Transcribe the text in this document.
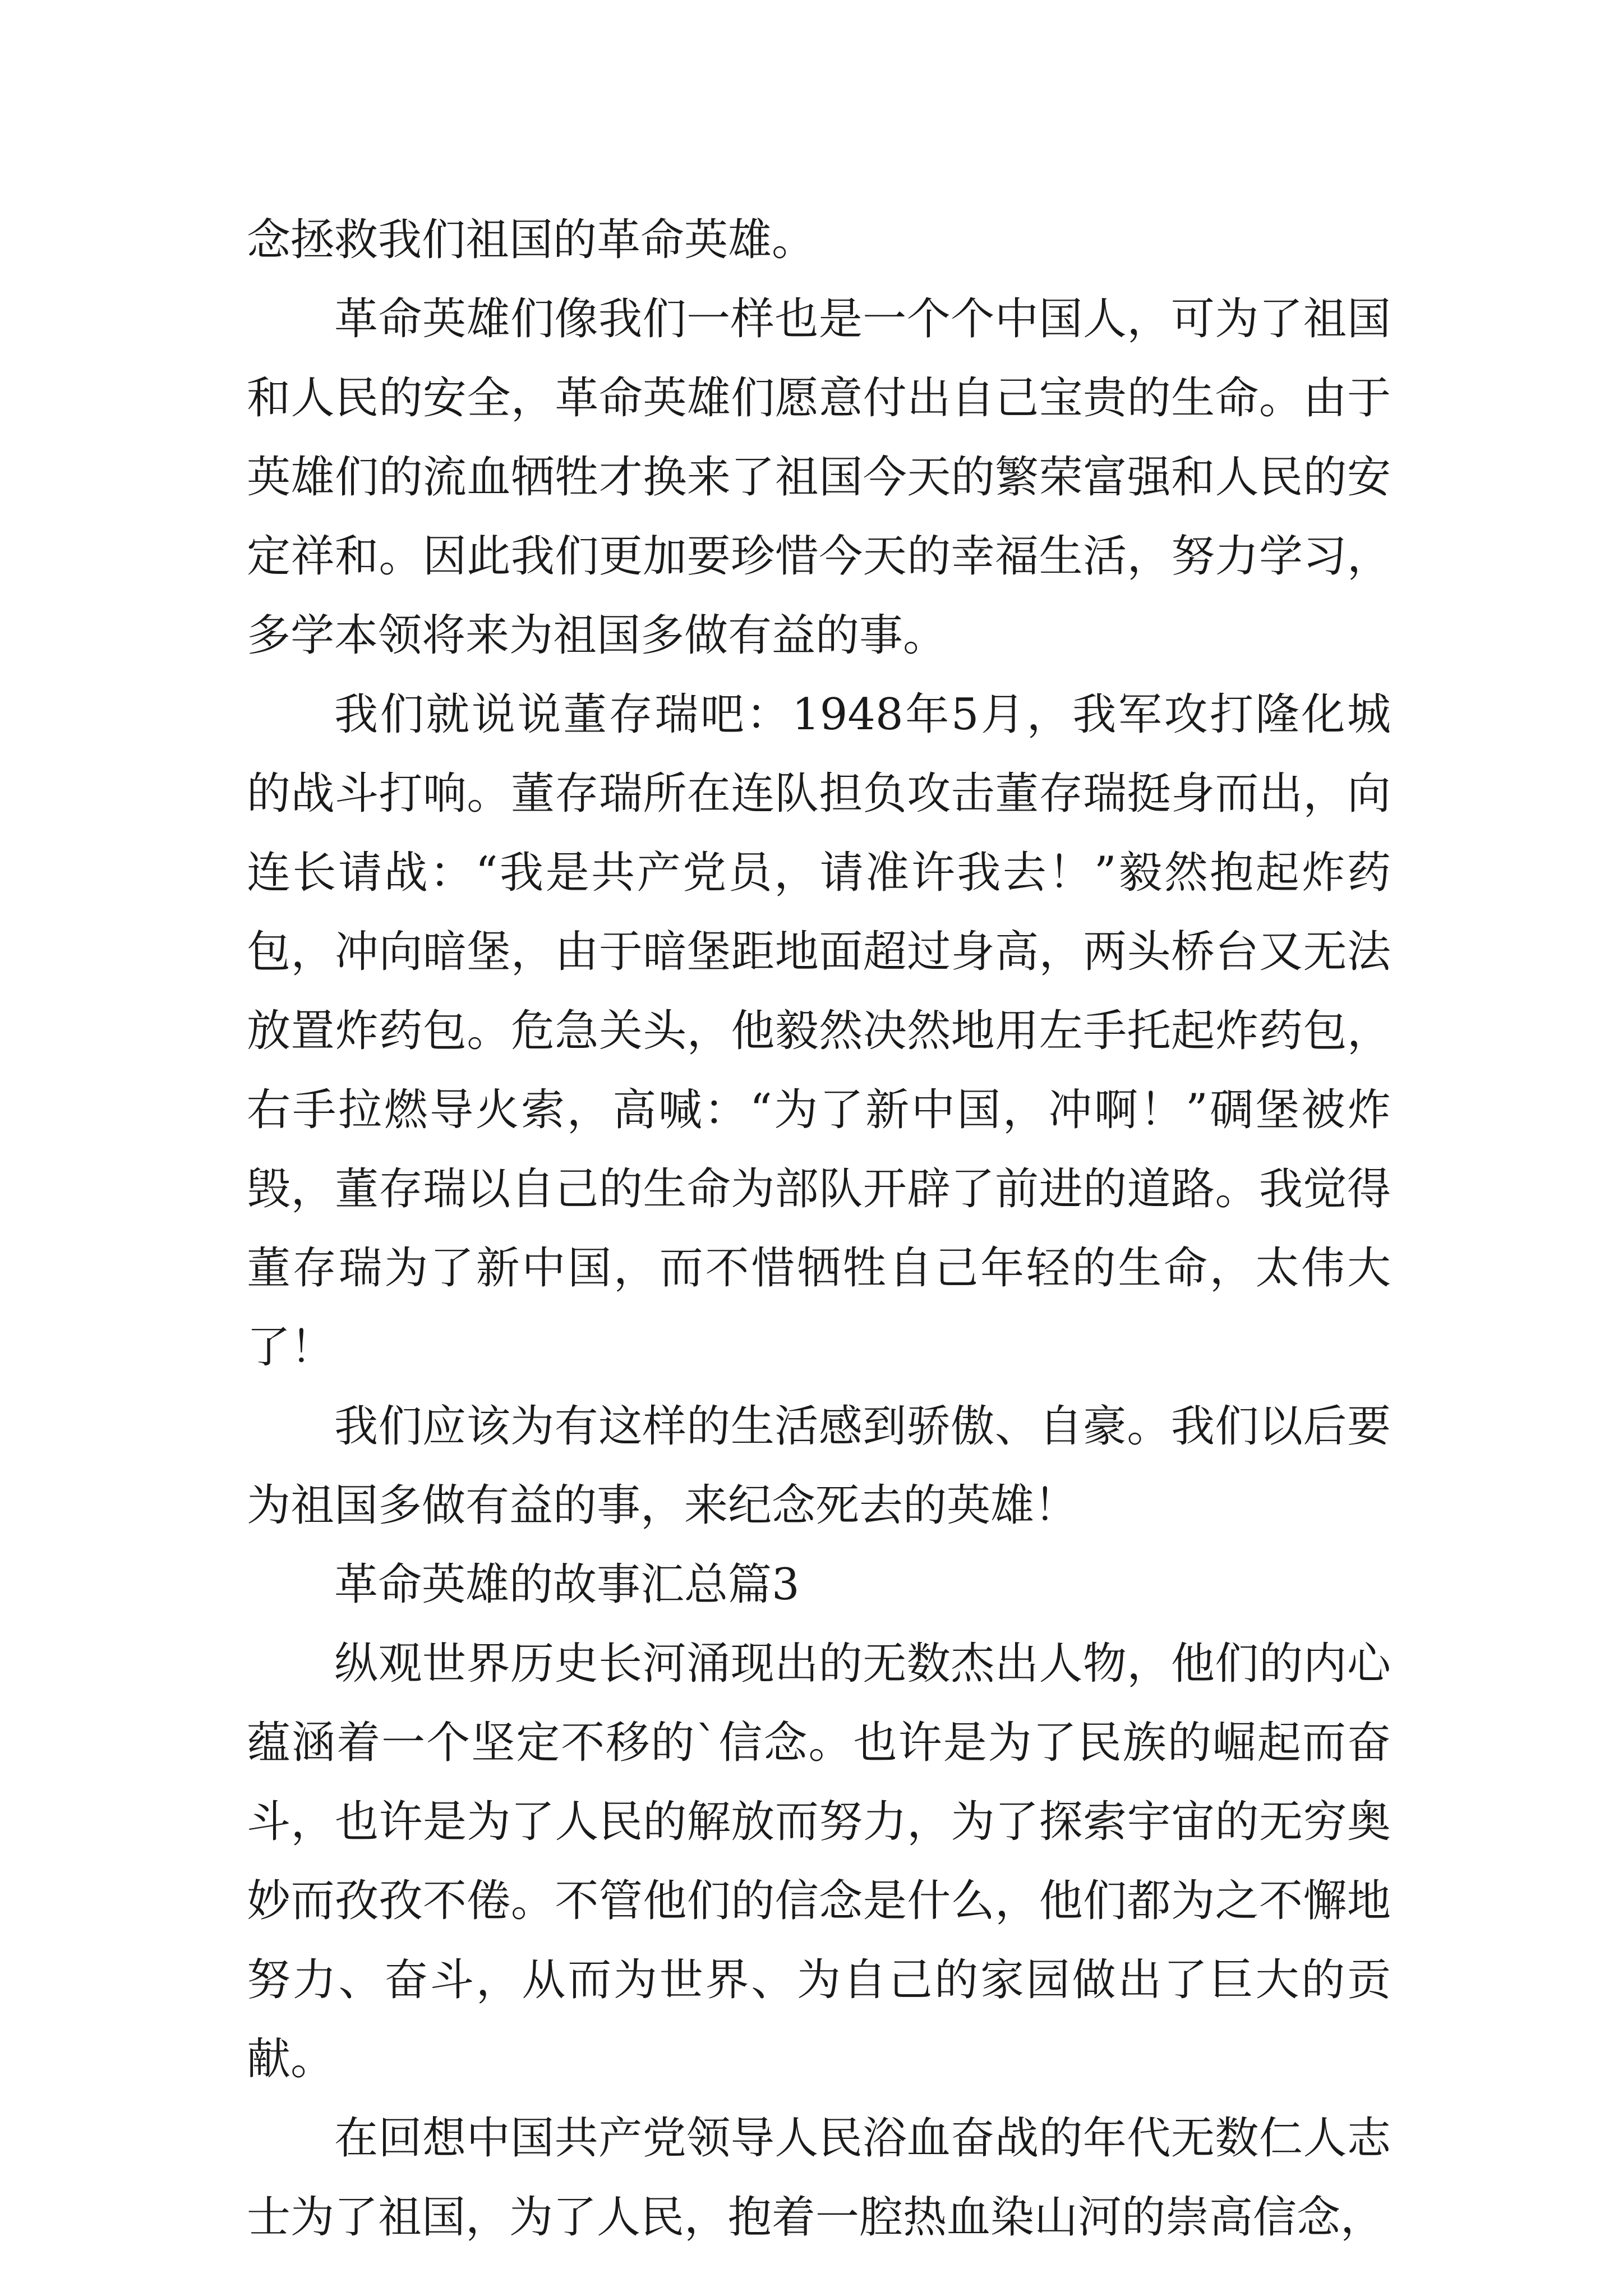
念拯救我们祖国的革命英雄。

革命英雄们像我们一样也是一个个中国人，可为了祖国和人民的安全，革命英雄们愿意付出自己宝贵的生命。由于英雄们的流血牺牲才换来了祖国今天的繁荣富强和人民的安定祥和。因此我们更加要珍惜今天的幸福生活，努力学习，多学本领将来为祖国多做有益的事。

我们就说说董存瑞吧：1948年5月，我军攻打隆化城的战斗打响。董存瑞所在连队担负攻击董存瑞挺身而出，向连长请战：“我是共产党员，请准许我去！”毅然抱起炸药包，冲向暗堡，由于暗堡距地面超过身高，两头桥台又无法放置炸药包。危急关头，他毅然决然地用左手托起炸药包，右手拉燃导火索，高喊：“为了新中国，冲啊！”碉堡被炸毁，董存瑞以自己的生命为部队开辟了前进的道路。我觉得董存瑞为了新中国，而不惜牺牲自己年轻的生命，太伟大了！

我们应该为有这样的生活感到骄傲、自豪。我们以后要为祖国多做有益的事，来纪念死去的英雄！

革命英雄的故事汇总篇3

纵观世界历史长河涌现出的无数杰出人物，他们的内心蕴涵着一个坚定不移的`信念。也许是为了民族的崛起而奋斗，也许是为了人民的解放而努力，为了探索宇宙的无穷奥妙而孜孜不倦。不管他们的信念是什么，他们都为之不懈地努力、奋斗，从而为世界、为自己的家园做出了巨大的贡献。

在回想中国共产党领导人民浴血奋战的年代无数仁人志士为了祖国，为了人民，抱着一腔热血染山河的崇高信念，
